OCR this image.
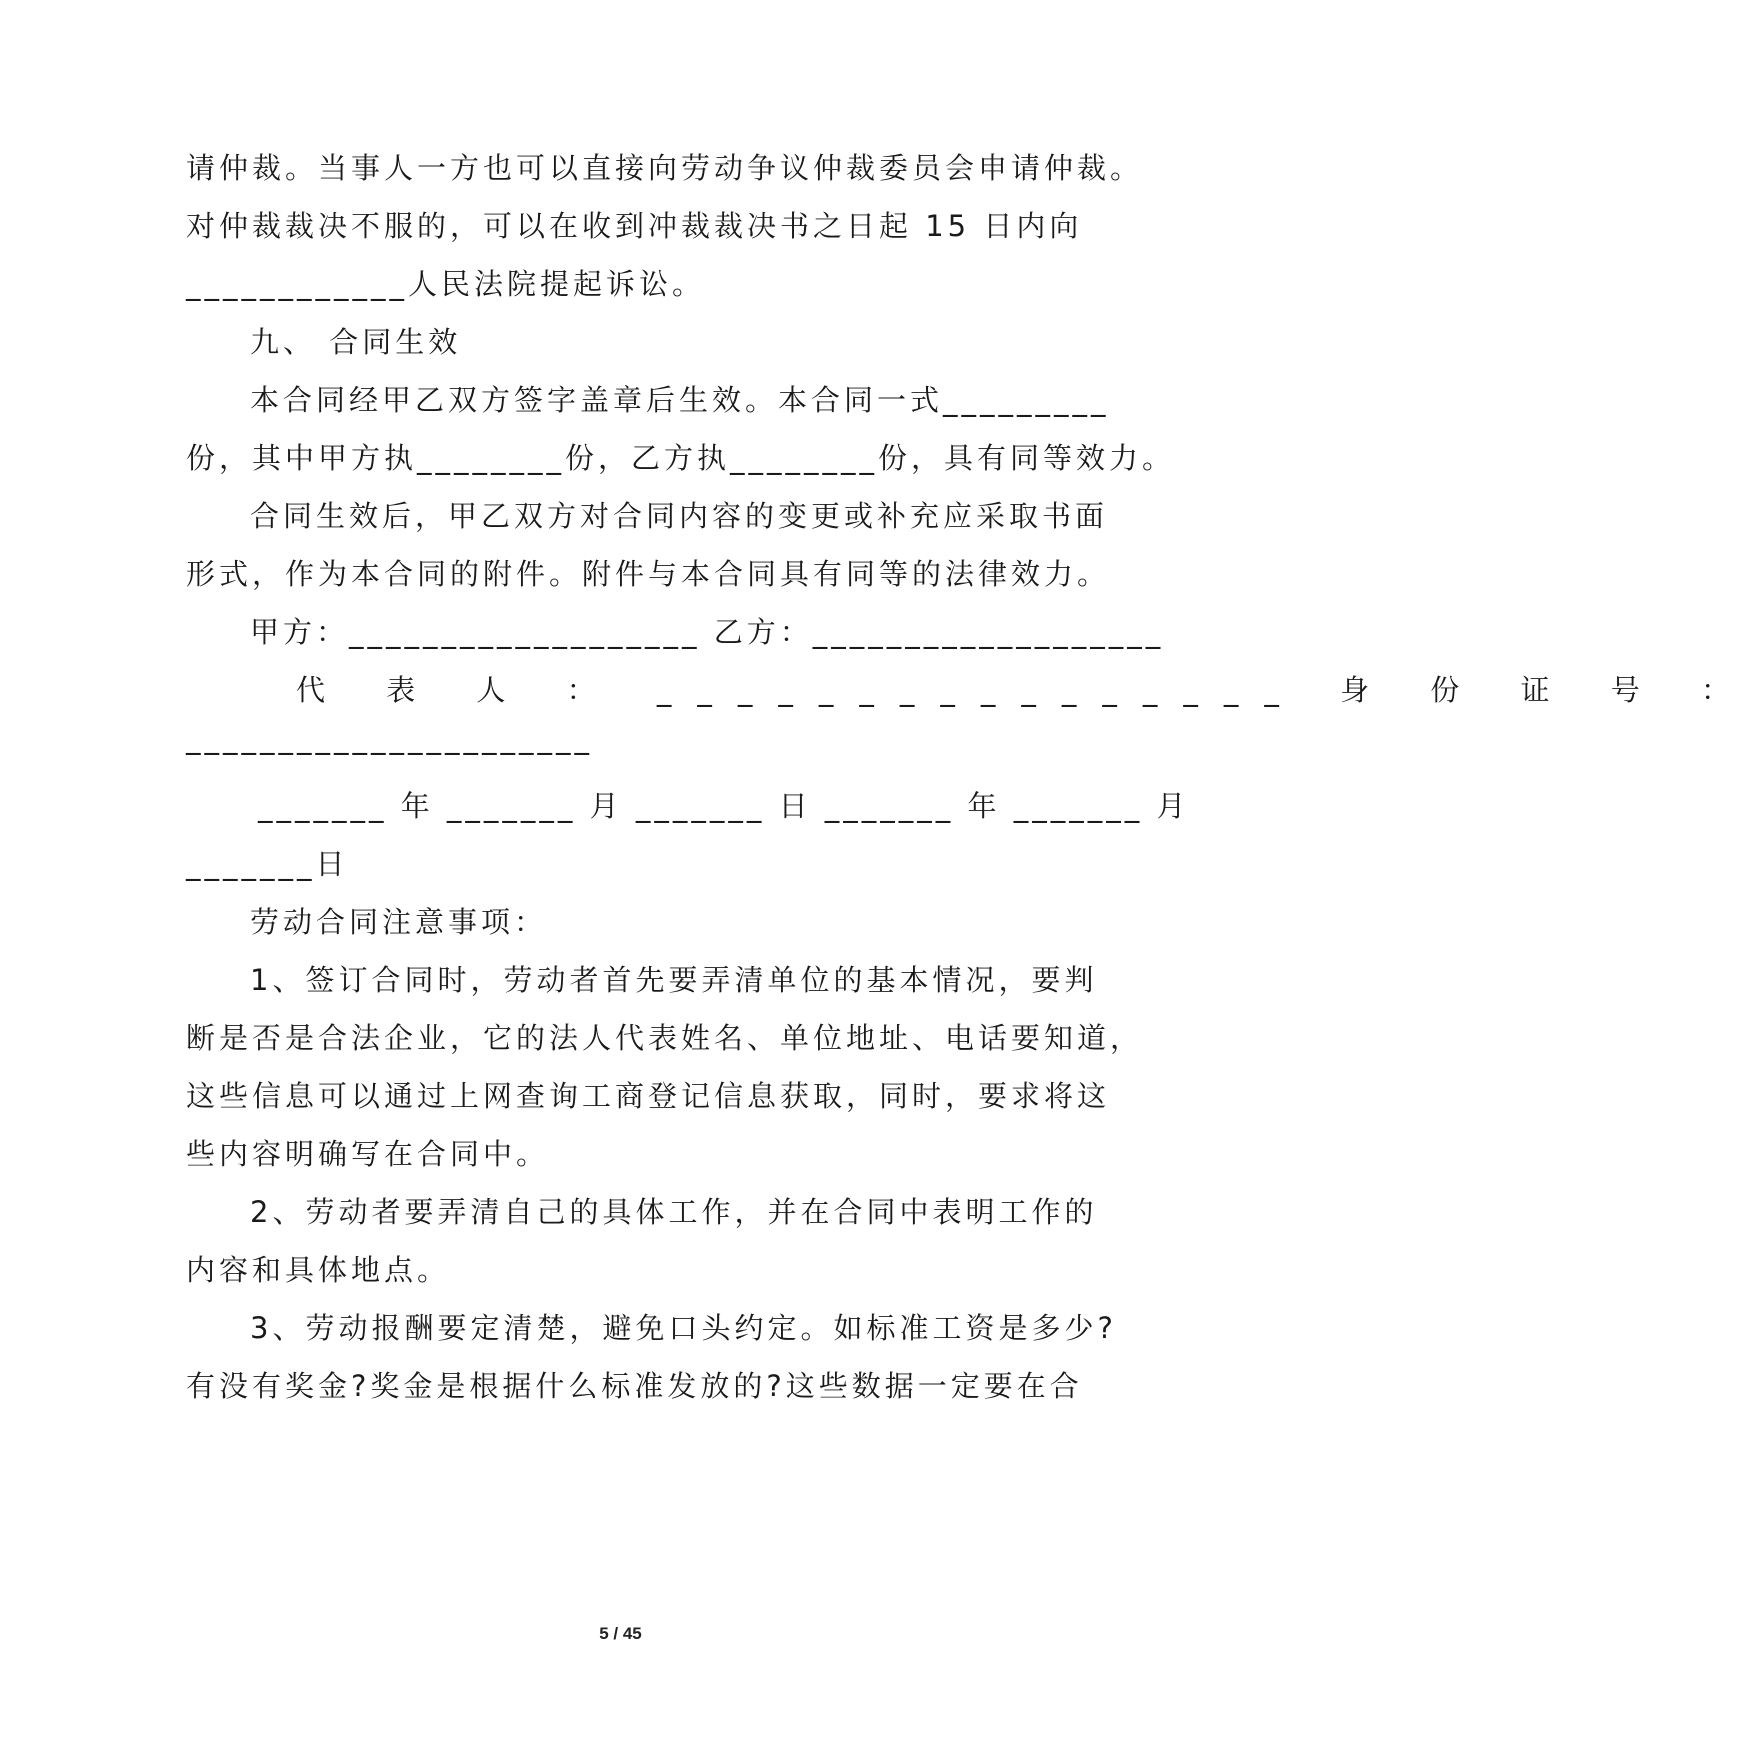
请仲裁。当事人一方也可以直接向劳动争议仲裁委员会申请仲裁。
对仲裁裁决不服的，可以在收到冲裁裁决书之日起 15 日内向
____________人民法院提起诉讼。
九、 合同生效
本合同经甲乙双方签字盖章后生效。本合同一式_________
份，其中甲方执________份，乙方执________份，具有同等效力。
合同生效后，甲乙双方对合同内容的变更或补充应采取书面
形式，作为本合同的附件。附件与本合同具有同等的法律效力。
甲方：___________________ 乙方：___________________
代 表 人 ： ________________ 身 份 证 号 ：
______________________
_______ 年 _______ 月 _______ 日 _______ 年 _______ 月
_______日
劳动合同注意事项：
1、签订合同时，劳动者首先要弄清单位的基本情况，要判
断是否是合法企业，它的法人代表姓名、单位地址、电话要知道，
这些信息可以通过上网查询工商登记信息获取，同时，要求将这
些内容明确写在合同中。
2、劳动者要弄清自己的具体工作，并在合同中表明工作的
内容和具体地点。
3、劳动报酬要定清楚，避免口头约定。如标准工资是多少?
有没有奖金?奖金是根据什么标准发放的?这些数据一定要在合
5 / 45
